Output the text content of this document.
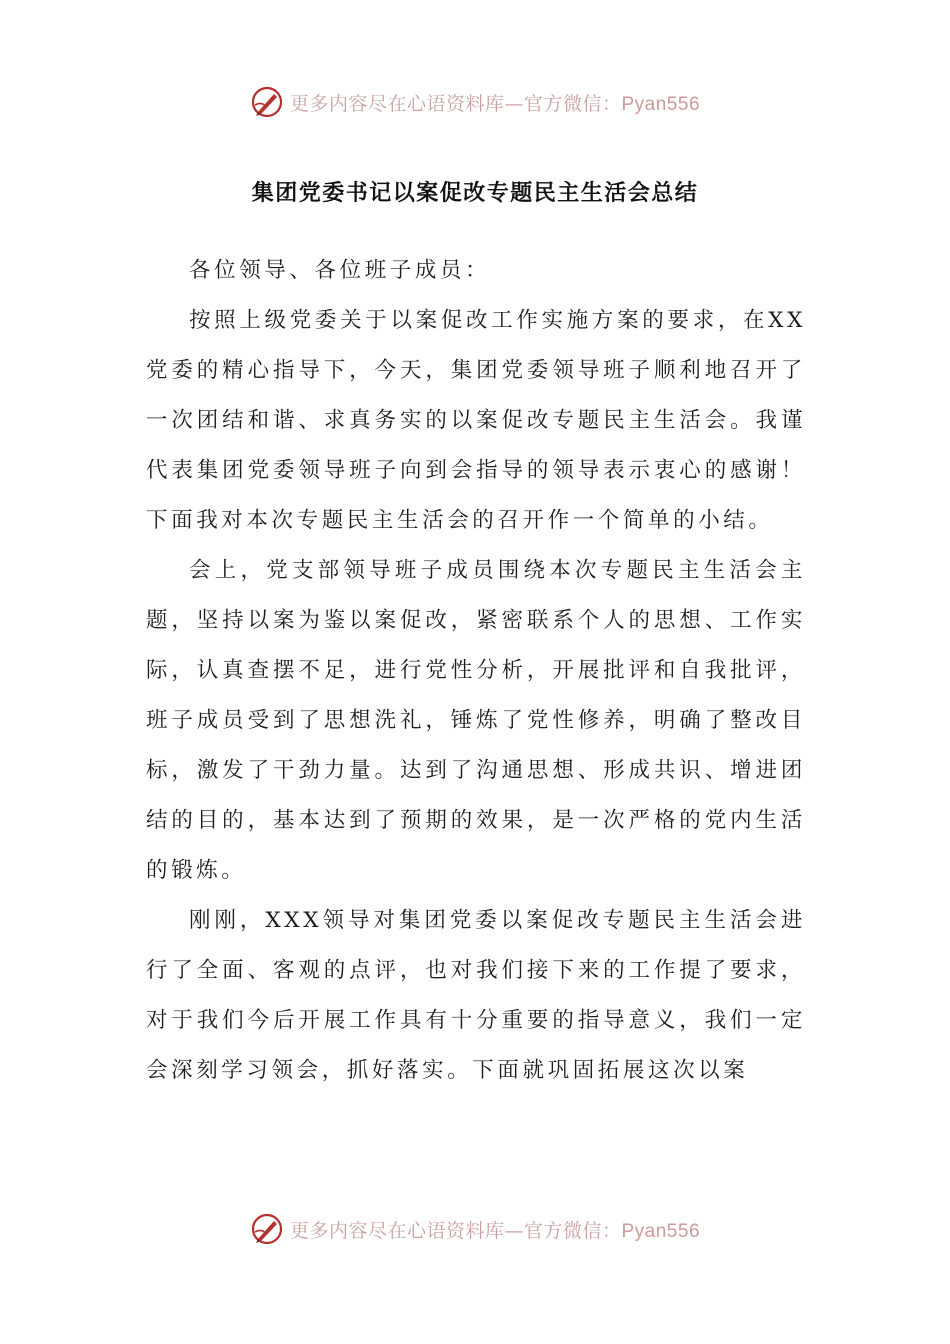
更多内容尽在心语资料库—官方微信：Pyan556
集团党委书记以案促改专题民主生活会总结

各位领导、各位班子成员：

按照上级党委关于以案促改工作实施方案的要求，在XX党委的精心指导下，今天，集团党委领导班子顺利地召开了一次团结和谐、求真务实的以案促改专题民主生活会。我谨代表集团党委领导班子向到会指导的领导表示衷心的感谢！下面我对本次专题民主生活会的召开作一个简单的小结。

会上，党支部领导班子成员围绕本次专题民主生活会主题，坚持以案为鉴以案促改，紧密联系个人的思想、工作实际，认真查摆不足，进行党性分析，开展批评和自我批评，班子成员受到了思想洗礼，锤炼了党性修养，明确了整改目标，激发了干劲力量。达到了沟通思想、形成共识、增进团结的目的，基本达到了预期的效果，是一次严格的党内生活的锻炼。

刚刚，XXX领导对集团党委以案促改专题民主生活会进行了全面、客观的点评，也对我们接下来的工作提了要求，对于我们今后开展工作具有十分重要的指导意义，我们一定会深刻学习领会，抓好落实。下面就巩固拓展这次以案

更多内容尽在心语资料库—官方微信：Pyan556
